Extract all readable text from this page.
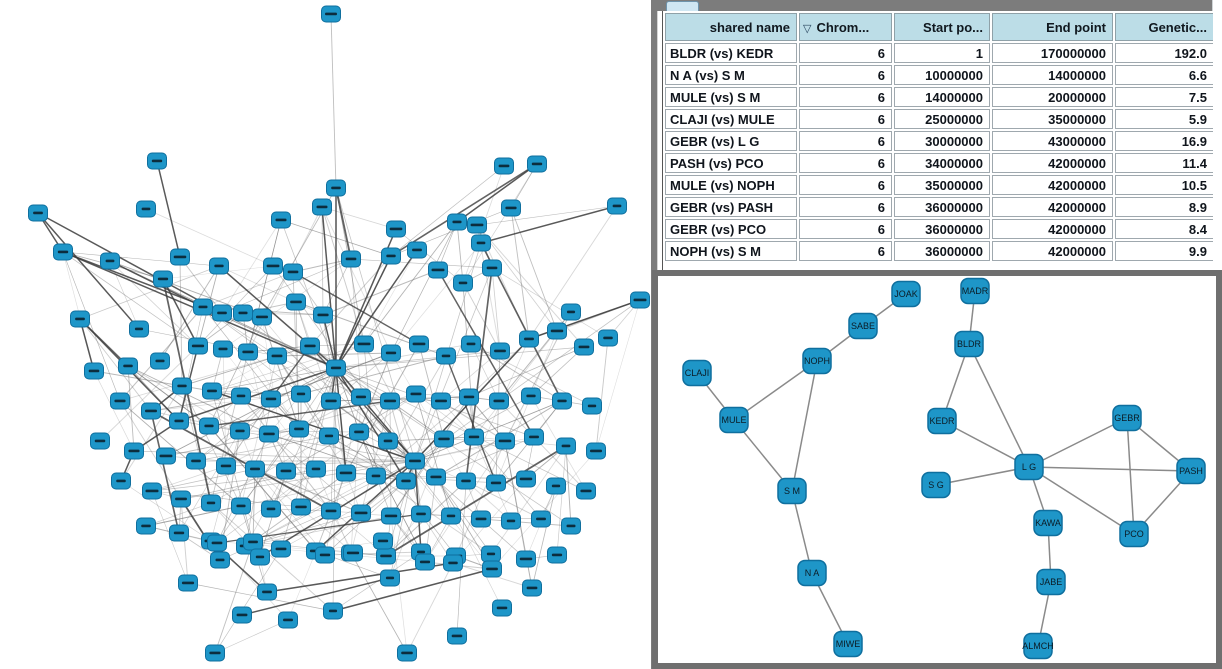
shared name	▽ Chrom...	Start po...	End point	Genetic...
BLDR (vs) KEDR	6	1	170000000	192.0
N A (vs) S M	6	10000000	14000000	6.6
MULE (vs) S M	6	14000000	20000000	7.5
CLAJI (vs) MULE	6	25000000	35000000	5.9
GEBR (vs) L G	6	30000000	43000000	16.9
PASH (vs) PCO	6	34000000	42000000	11.4
MULE (vs) NOPH	6	35000000	42000000	10.5
GEBR (vs) PASH	6	36000000	42000000	8.9
GEBR (vs) PCO	6	36000000	42000000	8.4
NOPH (vs) S M	6	36000000	42000000	9.9
JOAK
SABE
NOPH
CLAJI
MULE	KEDR
S G
S M
N A
MIWE
MADR
BLDR
GEBR
L G	PASH
KAWA
PCO
JABE
ALMCH
